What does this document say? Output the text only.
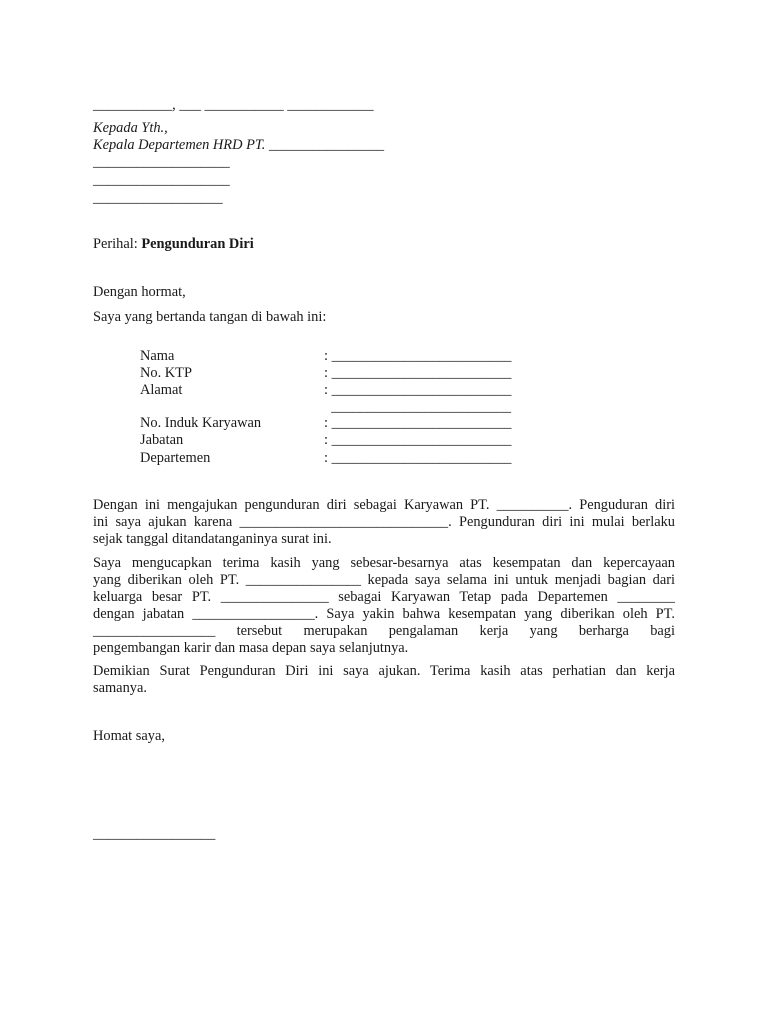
___________, ___ ___________ ____________
Kepada Yth.,
Kepala Departemen HRD PT. ________________
___________________
___________________
__________________
Perihal: Pengunduran Diri
Dengan hormat,
Saya yang bertanda tangan di bawah ini:
Nama	: _________________________
No. KTP	: _________________________
Alamat	: _________________________
_________________________
No. Induk Karyawan	: _________________________
Jabatan	: _________________________
Departemen	: _________________________
Dengan ini mengajukan pengunduran diri sebagai Karyawan PT. __________. Penguduran diri
ini saya ajukan karena _____________________________. Pengunduran diri ini mulai berlaku
sejak tanggal ditandatanganinya surat ini.
Saya mengucapkan terima kasih yang sebesar-besarnya atas kesempatan dan kepercayaan
yang diberikan oleh PT. ________________ kepada saya selama ini untuk menjadi bagian dari
keluarga besar PT. _______________ sebagai Karyawan Tetap pada Departemen ________
dengan jabatan _________________. Saya yakin bahwa kesempatan yang diberikan oleh PT.
_________________ tersebut merupakan pengalaman kerja yang berharga bagi
pengembangan karir dan masa depan saya selanjutnya.
Demikian Surat Pengunduran Diri ini saya ajukan. Terima kasih atas perhatian dan kerja
samanya.
Homat saya,
_________________
